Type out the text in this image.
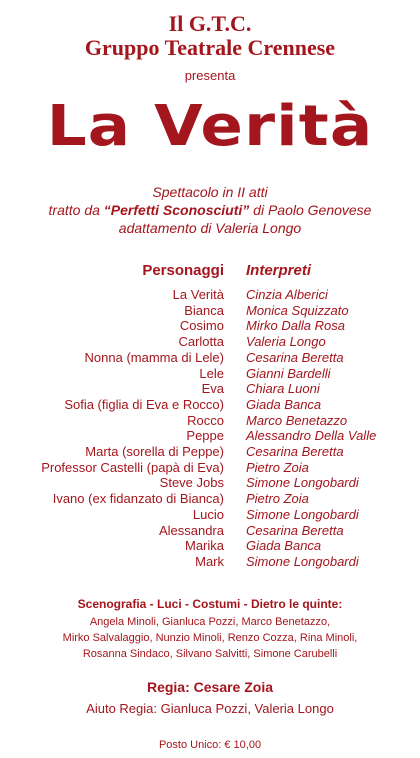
Il G.T.C.
Gruppo Teatrale Crennese
presenta
La Verità
Spettacolo in II atti
tratto da “Perfetti Sconosciuti” di Paolo Genovese
adattamento di Valeria Longo
Personaggi Interpreti
La Verità Cinzia Alberici
Bianca Monica Squizzato
Cosimo Mirko Dalla Rosa
Carlotta Valeria Longo
Nonna (mamma di Lele) Cesarina Beretta
Lele Gianni Bardelli
Eva Chiara Luoni
Sofia (figlia di Eva e Rocco) Giada Banca
Rocco Marco Benetazzo
Peppe Alessandro Della Valle
Marta (sorella di Peppe) Cesarina Beretta
Professor Castelli (papà di Eva) Pietro Zoia
Steve Jobs Simone Longobardi
Ivano (ex fidanzato di Bianca) Pietro Zoia
Lucio Simone Longobardi
Alessandra Cesarina Beretta
Marika Giada Banca
Mark Simone Longobardi
Scenografia - Luci - Costumi - Dietro le quinte:
Angela Minoli, Gianluca Pozzi, Marco Benetazzo,
Mirko Salvalaggio, Nunzio Minoli, Renzo Cozza, Rina Minoli,
Rosanna Sindaco, Silvano Salvitti, Simone Carubelli
Regia: Cesare Zoia
Aiuto Regia: Gianluca Pozzi, Valeria Longo
Posto Unico: € 10,00
